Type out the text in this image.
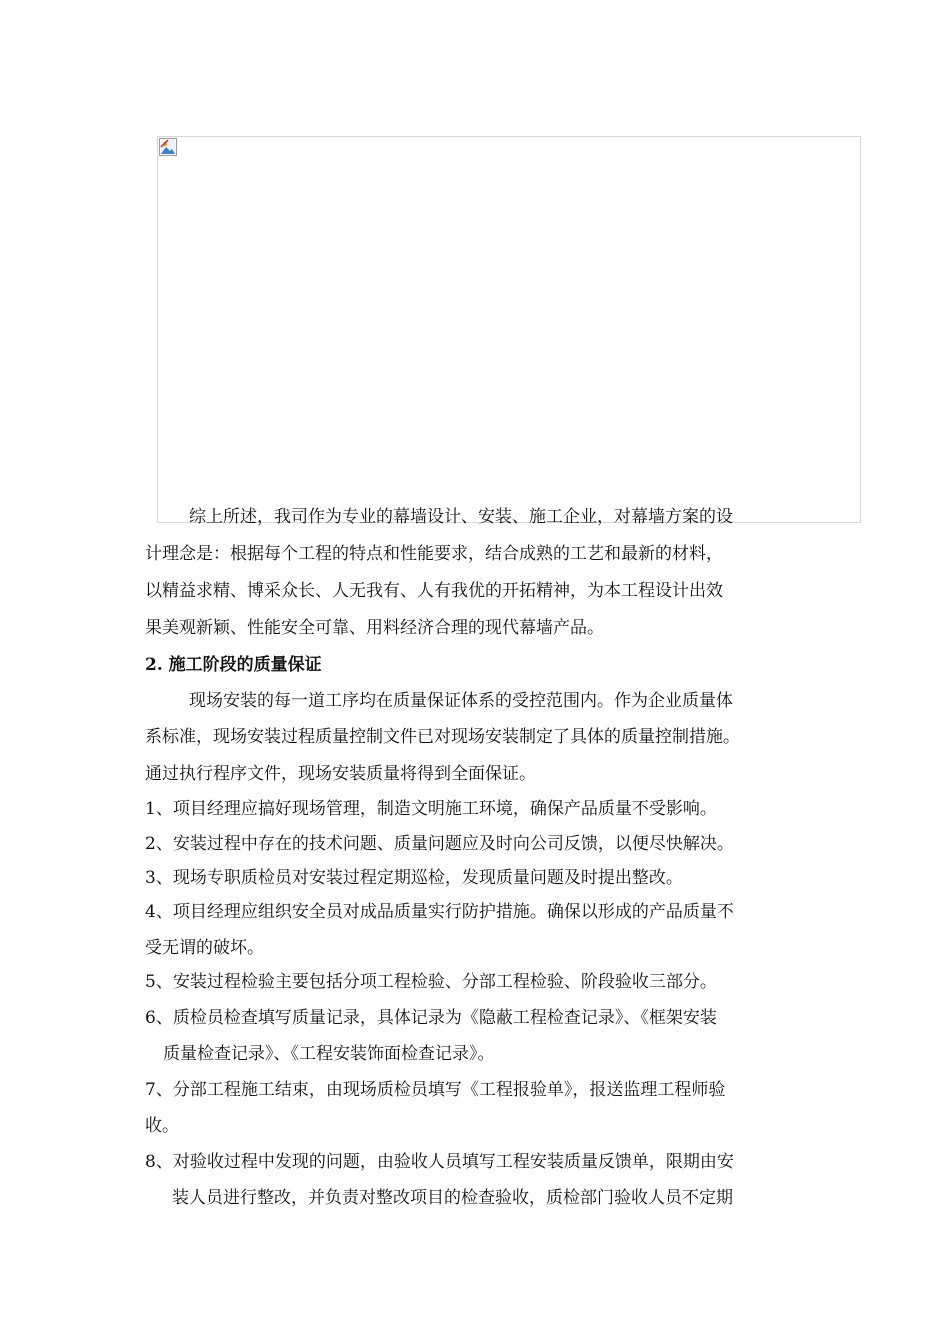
综上所述，我司作为专业的幕墙设计、安装、施工企业，对幕墙方案的设
计理念是：根据每个工程的特点和性能要求，结合成熟的工艺和最新的材料，
以精益求精、博采众长、人无我有、人有我优的开拓精神，为本工程设计出效
果美观新颖、性能安全可靠、用料经济合理的现代幕墙产品。
2. 施工阶段的质量保证
现场安装的每一道工序均在质量保证体系的受控范围内。作为企业质量体
系标准，现场安装过程质量控制文件已对现场安装制定了具体的质量控制措施。
通过执行程序文件，现场安装质量将得到全面保证。
1、项目经理应搞好现场管理，制造文明施工环境，确保产品质量不受影响。
2、安装过程中存在的技术问题、质量问题应及时向公司反馈，以便尽快解决。
3、现场专职质检员对安装过程定期巡检，发现质量问题及时提出整改。
4、项目经理应组织安全员对成品质量实行防护措施。确保以形成的产品质量不
受无谓的破坏。
5、安装过程检验主要包括分项工程检验、分部工程检验、阶段验收三部分。
6、质检员检查填写质量记录，具体记录为《隐蔽工程检查记录》、《框架安装
质量检查记录》、《工程安装饰面检查记录》。
7、分部工程施工结束，由现场质检员填写《工程报验单》，报送监理工程师验
收。
8、对验收过程中发现的问题，由验收人员填写工程安装质量反馈单，限期由安
装人员进行整改，并负责对整改项目的检查验收，质检部门验收人员不定期
